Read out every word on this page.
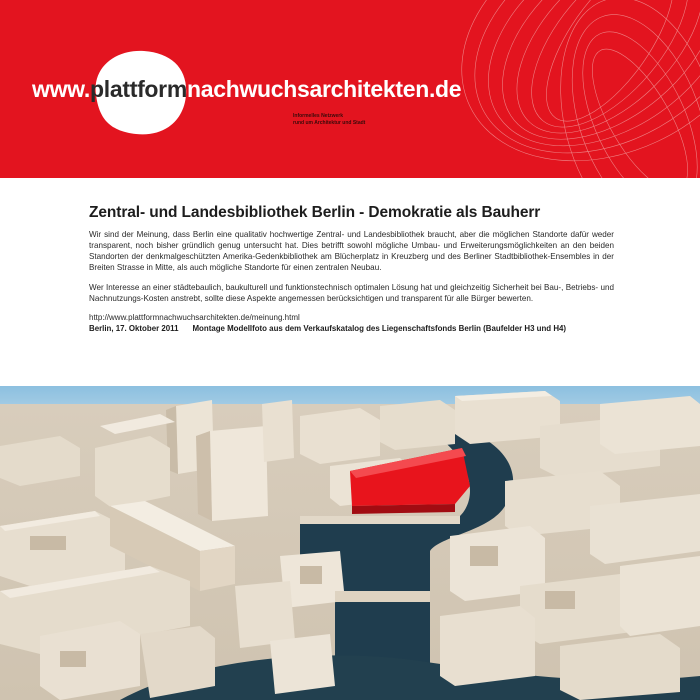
www. plattform nachwuchsarchitekten.de
Informelles Netzwerk
rund um Architektur und Stadt
Zentral- und Landesbibliothek Berlin - Demokratie als Bauherr

Wir sind der Meinung, dass Berlin eine qualitativ hochwertige Zentral- und Landesbibliothek braucht, aber die möglichen Standorte dafür weder transparent, noch bisher gründlich genug untersucht hat. Dies betrifft sowohl mögliche Umbau- und Erweiterungsmöglichkeiten an den beiden Standorten der denkmalgeschützten Amerika-Gedenkbibliothek am Blücherplatz in Kreuzberg und des Berliner Stadtbibliothek-Ensembles in der Breiten Strasse in Mitte, als auch mögliche Standorte für einen zentralen Neubau.

Wer Interesse an einer städtebaulich, baukulturell und funktionstechnisch optimalen Lösung hat und gleichzeitig Sicherheit bei Bau-, Betriebs- und Nachnutzungs-Kosten anstrebt, sollte diese Aspekte angemessen berücksichtigen und transparent für alle Bürger bewerten.

http://www.plattformnachwuchsarchitekten.de/meinung.html
Berlin, 17. Oktober 2011 Montage Modellfoto aus dem Verkaufskatalog des Liegenschaftsfonds Berlin (Baufelder H3 und H4)
